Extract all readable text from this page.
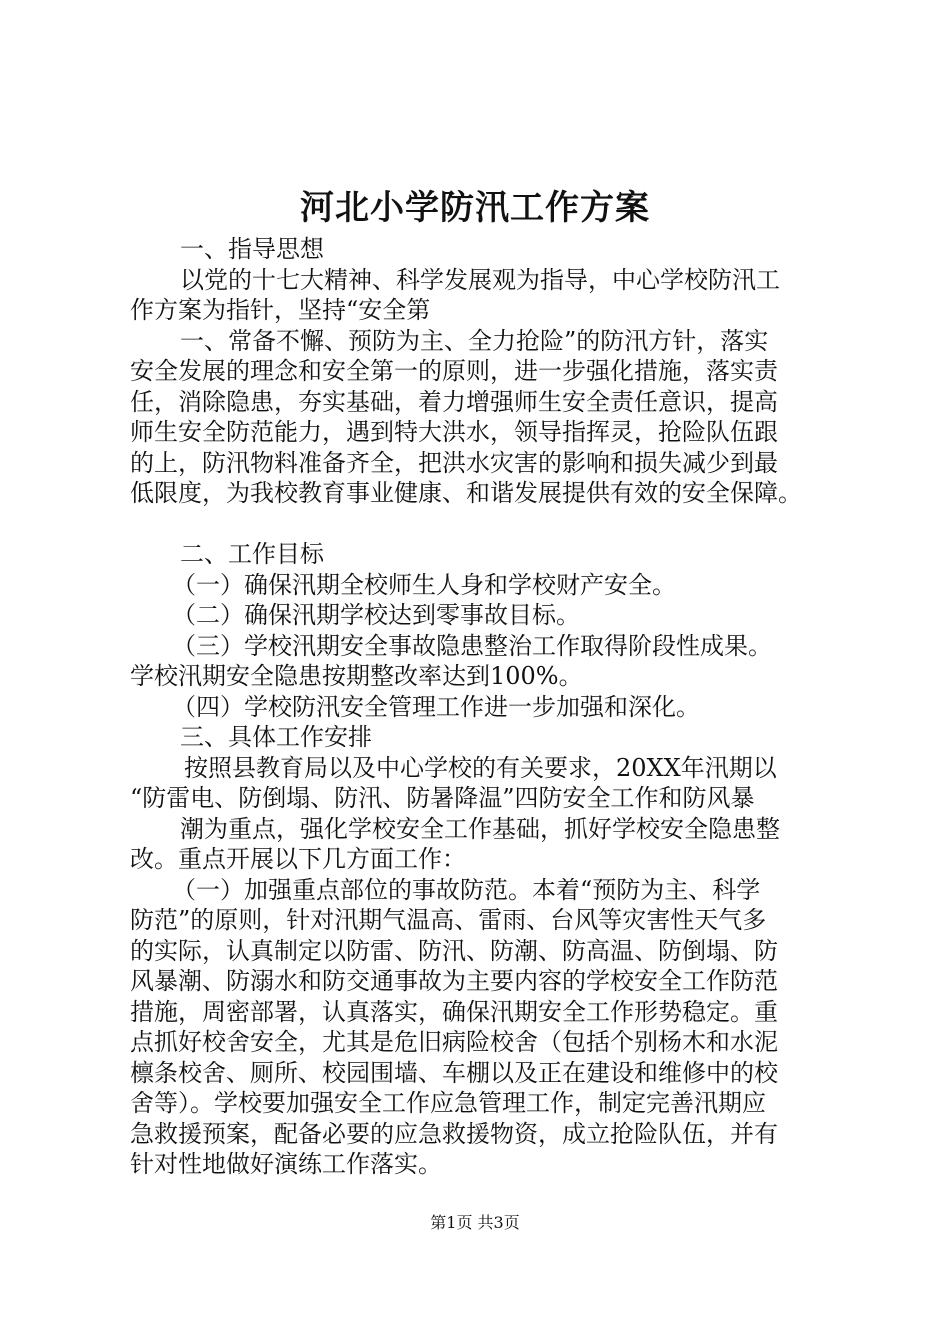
河北小学防汛工作方案
一、指导思想
以党的十七大精神、科学发展观为指导，中心学校防汛工
作方案为指针，坚持“安全第
一、常备不懈、预防为主、全力抢险”的防汛方针，落实
安全发展的理念和安全第一的原则，进一步强化措施，落实责
任，消除隐患，夯实基础，着力增强师生安全责任意识，提高
师生安全防范能力，遇到特大洪水，领导指挥灵，抢险队伍跟
的上，防汛物料准备齐全，把洪水灾害的影响和损失减少到最
低限度，为我校教育事业健康、和谐发展提供有效的安全保障。
二、工作目标
（一）确保汛期全校师生人身和学校财产安全。
（二）确保汛期学校达到零事故目标。
（三）学校汛期安全事故隐患整治工作取得阶段性成果。
学校汛期安全隐患按期整改率达到100%。
（四）学校防汛安全管理工作进一步加强和深化。
三、具体工作安排
按照县教育局以及中心学校的有关要求，20XX年汛期以
“防雷电、防倒塌、防汛、防暑降温”四防安全工作和防风暴
潮为重点，强化学校安全工作基础，抓好学校安全隐患整
改。重点开展以下几方面工作：
（一）加强重点部位的事故防范。本着“预防为主、科学
防范”的原则，针对汛期气温高、雷雨、台风等灾害性天气多
的实际，认真制定以防雷、防汛、防潮、防高温、防倒塌、防
风暴潮、防溺水和防交通事故为主要内容的学校安全工作防范
措施，周密部署，认真落实，确保汛期安全工作形势稳定。重
点抓好校舍安全，尤其是危旧病险校舍（包括个别杨木和水泥
檩条校舍、厕所、校园围墙、车棚以及正在建设和维修中的校
舍等）。学校要加强安全工作应急管理工作，制定完善汛期应
急救援预案，配备必要的应急救援物资，成立抢险队伍，并有
针对性地做好演练工作落实。
第1页 共3页
